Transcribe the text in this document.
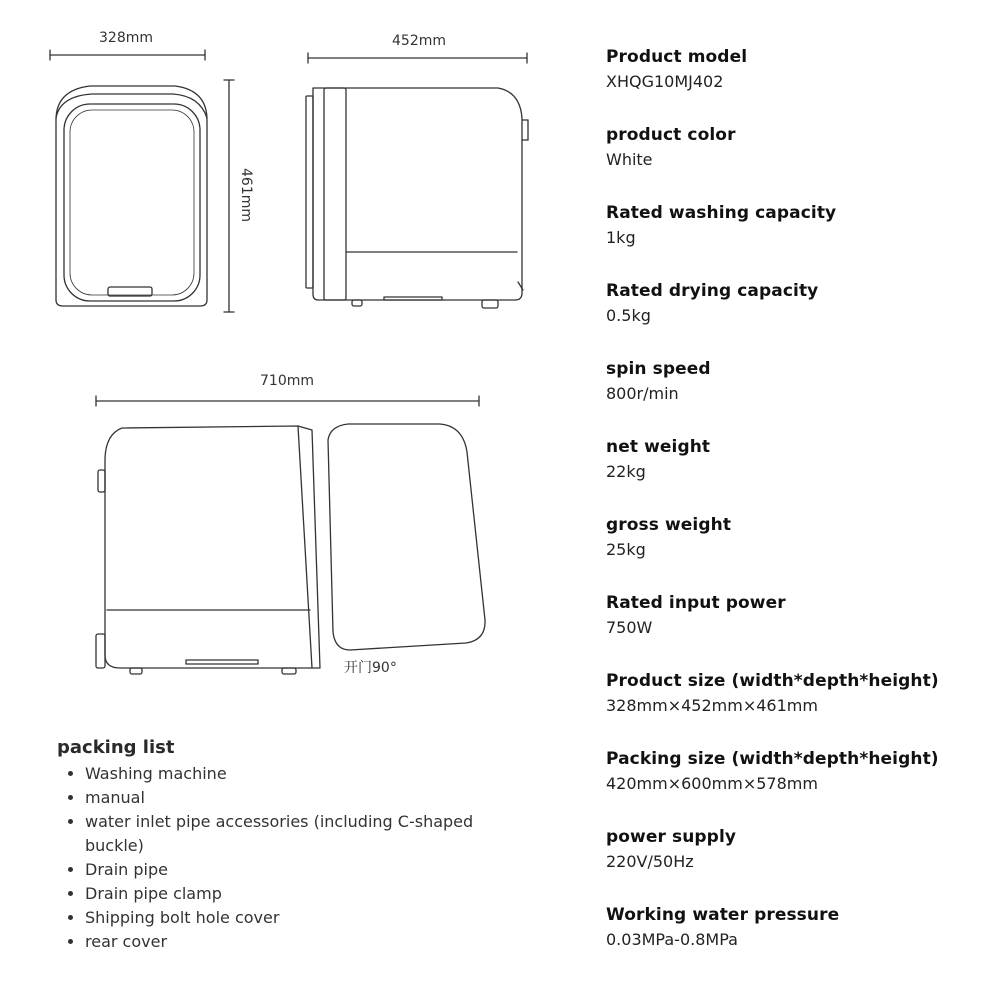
328mm	452mm
461mm
710mm
开门90°
Product model
XHQG10MJ402
product color
White
Rated washing capacity
1kg
Rated drying capacity
0.5kg
spin speed
800r/min
net weight
22kg
gross weight
25kg
Rated input power
750W
Product size (width*depth*height)
328mm×452mm×461mm
Packing size (width*depth*height)
420mm×600mm×578mm
power supply
220V/50Hz
Working water pressure
0.03MPa-0.8MPa
packing list
• Washing machine
• manual
• water inlet pipe accessories (including C-shaped buckle)
• Drain pipe
• Drain pipe clamp
• Shipping bolt hole cover
• rear cover
